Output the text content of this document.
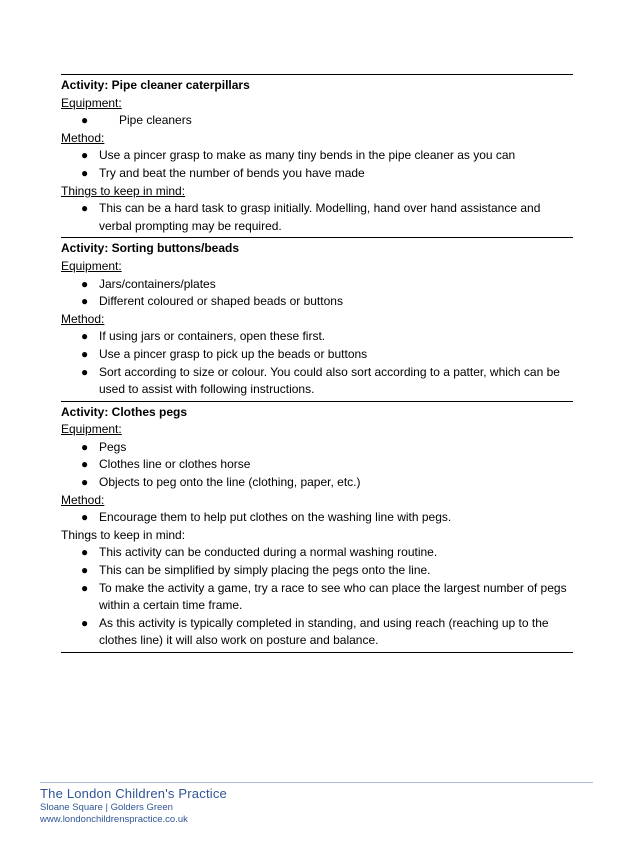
Activity: Pipe cleaner caterpillars
Equipment:
●	Pipe cleaners
Method:
● Use a pincer grasp to make as many tiny bends in the pipe cleaner as you can
● Try and beat the number of bends you have made
Things to keep in mind:
● This can be a hard task to grasp initially. Modelling, hand over hand assistance and verbal prompting may be required.
Activity: Sorting buttons/beads
Equipment:
● Jars/containers/plates
● Different coloured or shaped beads or buttons
Method:
● If using jars or containers, open these first.
● Use a pincer grasp to pick up the beads or buttons
● Sort according to size or colour. You could also sort according to a patter, which can be used to assist with following instructions.
Activity: Clothes pegs
Equipment:
● Pegs
● Clothes line or clothes horse
● Objects to peg onto the line (clothing, paper, etc.)
Method:
● Encourage them to help put clothes on the washing line with pegs.
Things to keep in mind:
● This activity can be conducted during a normal washing routine.
● This can be simplified by simply placing the pegs onto the line.
● To make the activity a game, try a race to see who can place the largest number of pegs within a certain time frame.
● As this activity is typically completed in standing, and using reach (reaching up to the clothes line) it will also work on posture and balance.
The London Children's Practice
Sloane Square | Golders Green
www.londonchildrenspractice.co.uk
